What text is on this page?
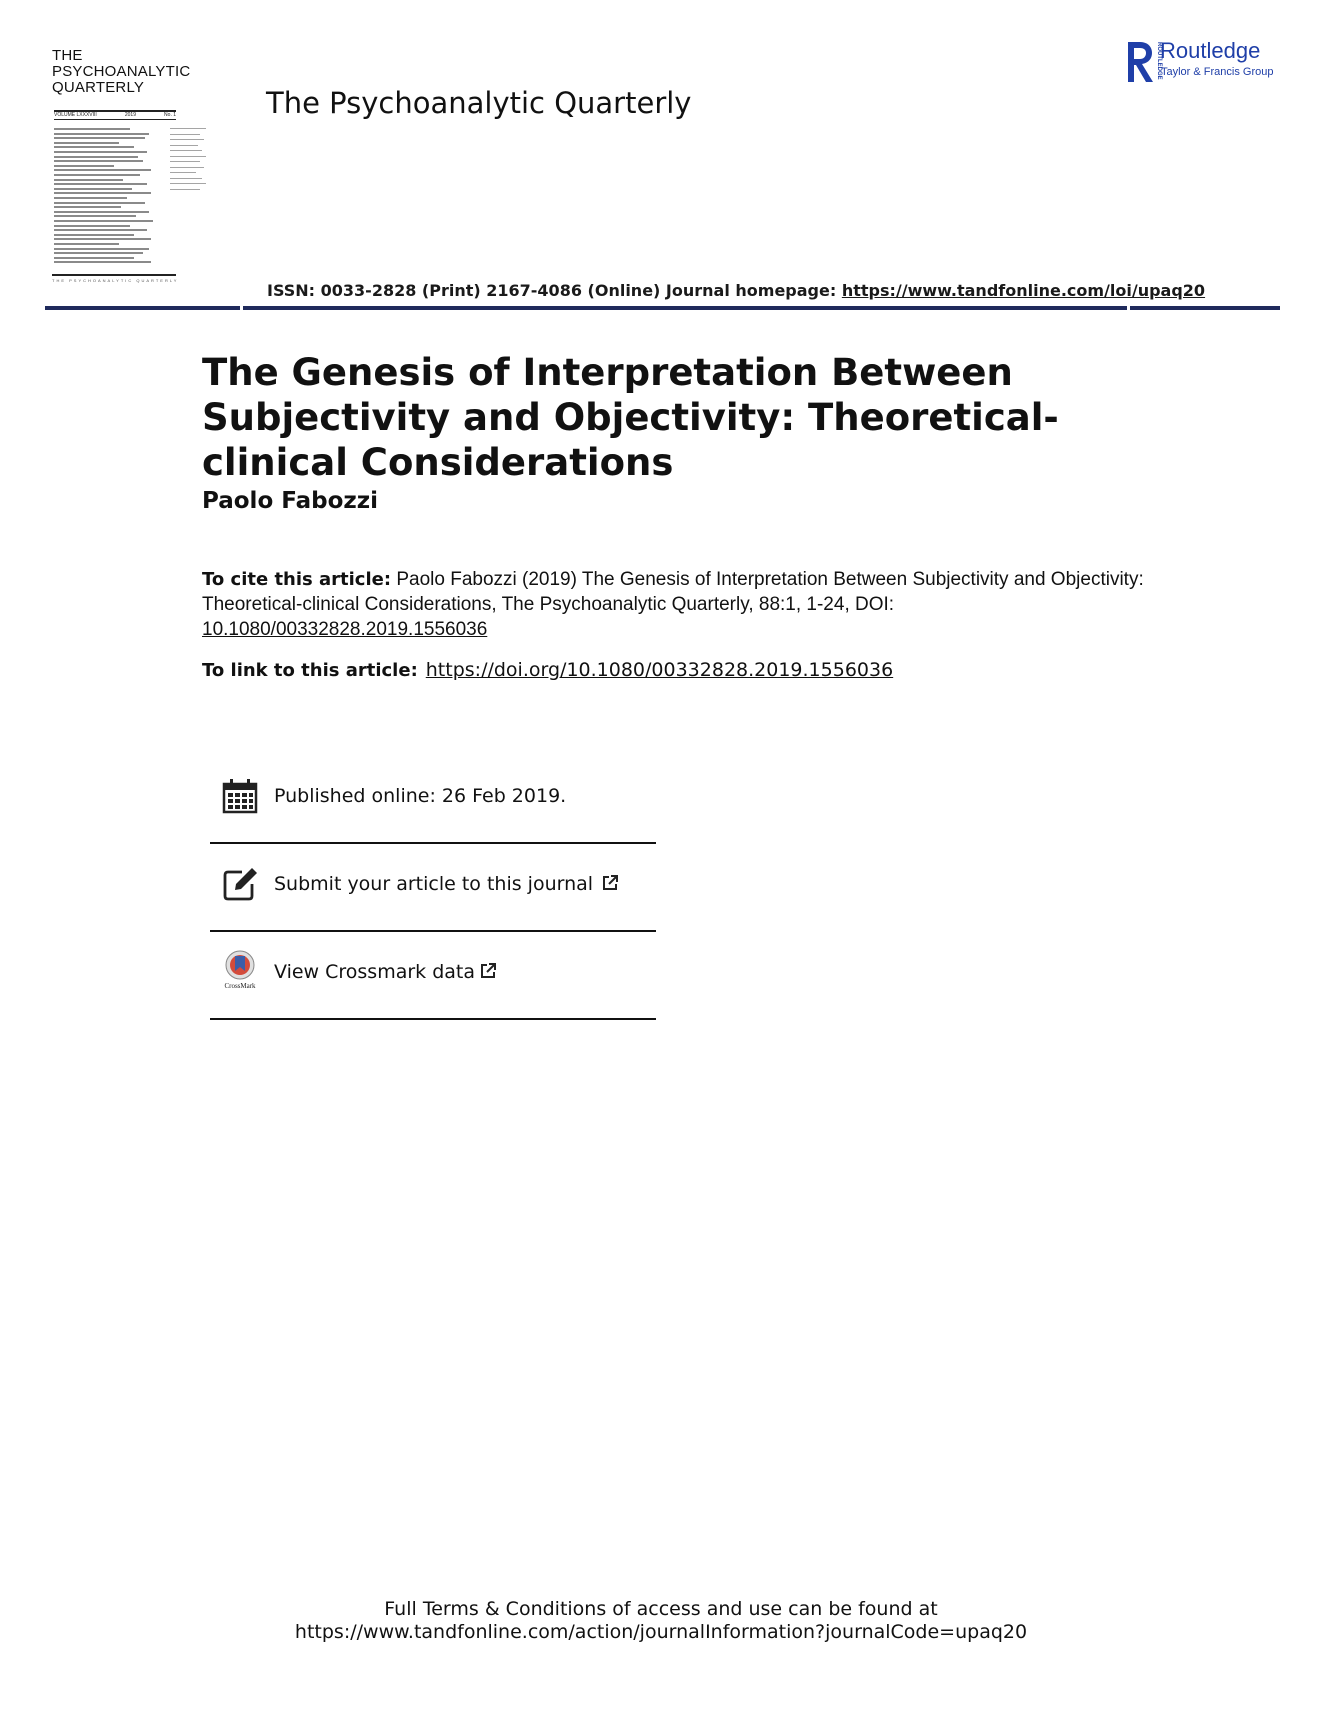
THE
PSYCHOANALYTIC
QUARTERLY
VOLUME LXXXVIII	2019	No. 1
THE PSYCHOANALYTIC QUARTERLY
The Psychoanalytic Quarterly
ROUTLEDGE
Routledge
Taylor & Francis Group
ISSN: 0033-2828 (Print) 2167-4086 (Online) Journal homepage: https://www.tandfonline.com/loi/upaq20
The Genesis of Interpretation Between Subjectivity and Objectivity: Theoretical-clinical Considerations
Paolo Fabozzi
To cite this article: Paolo Fabozzi (2019) The Genesis of Interpretation Between Subjectivity and Objectivity: Theoretical-clinical Considerations, The Psychoanalytic Quarterly, 88:1, 1-24, DOI: 10.1080/00332828.2019.1556036
To link to this article: https://doi.org/10.1080/00332828.2019.1556036
Published online: 26 Feb 2019.
Submit your article to this journal
CrossMark
View Crossmark data
Full Terms & Conditions of access and use can be found at
https://www.tandfonline.com/action/journalInformation?journalCode=upaq20
